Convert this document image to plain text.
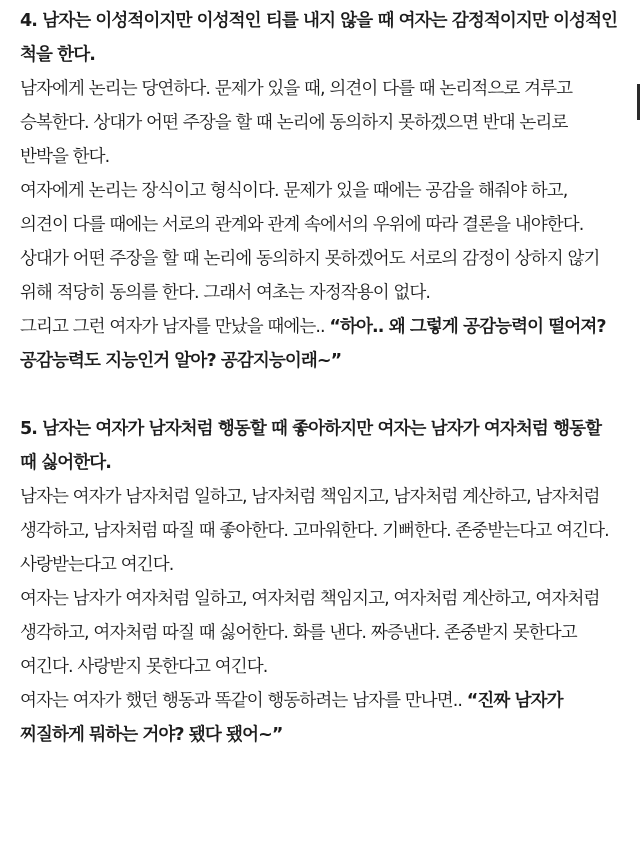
4. 남자는 이성적이지만 이성적인 티를 내지 않을 때 여자는 감정적이지만 이성적인 척을 한다.

남자에게 논리는 당연하다. 문제가 있을 때, 의견이 다를 때 논리적으로 겨루고 승복한다. 상대가 어떤 주장을 할 때 논리에 동의하지 못하겠으면 반대 논리로 반박을 한다.

여자에게 논리는 장식이고 형식이다. 문제가 있을 때에는 공감을 해줘야 하고, 의견이 다를 때에는 서로의 관계와 관계 속에서의 우위에 따라 결론을 내야한다. 상대가 어떤 주장을 할 때 논리에 동의하지 못하겠어도 서로의 감정이 상하지 않기 위해 적당히 동의를 한다. 그래서 여초는 자정작용이 없다.

그리고 그런 여자가 남자를 만났을 때에는.. “하아.. 왜 그렇게 공감능력이 떨어져? 공감능력도 지능인거 알아? 공감지능이래~”

5. 남자는 여자가 남자처럼 행동할 때 좋아하지만 여자는 남자가 여자처럼 행동할 때 싫어한다.

남자는 여자가 남자처럼 일하고, 남자처럼 책임지고, 남자처럼 계산하고, 남자처럼 생각하고, 남자처럼 따질 때 좋아한다. 고마워한다. 기뻐한다. 존중받는다고 여긴다. 사랑받는다고 여긴다.

여자는 남자가 여자처럼 일하고, 여자처럼 책임지고, 여자처럼 계산하고, 여자처럼 생각하고, 여자처럼 따질 때 싫어한다. 화를 낸다. 짜증낸다. 존중받지 못한다고 여긴다. 사랑받지 못한다고 여긴다.

여자는 여자가 했던 행동과 똑같이 행동하려는 남자를 만나면.. “진짜 남자가 찌질하게 뭐하는 거야? 됐다 됐어~”
